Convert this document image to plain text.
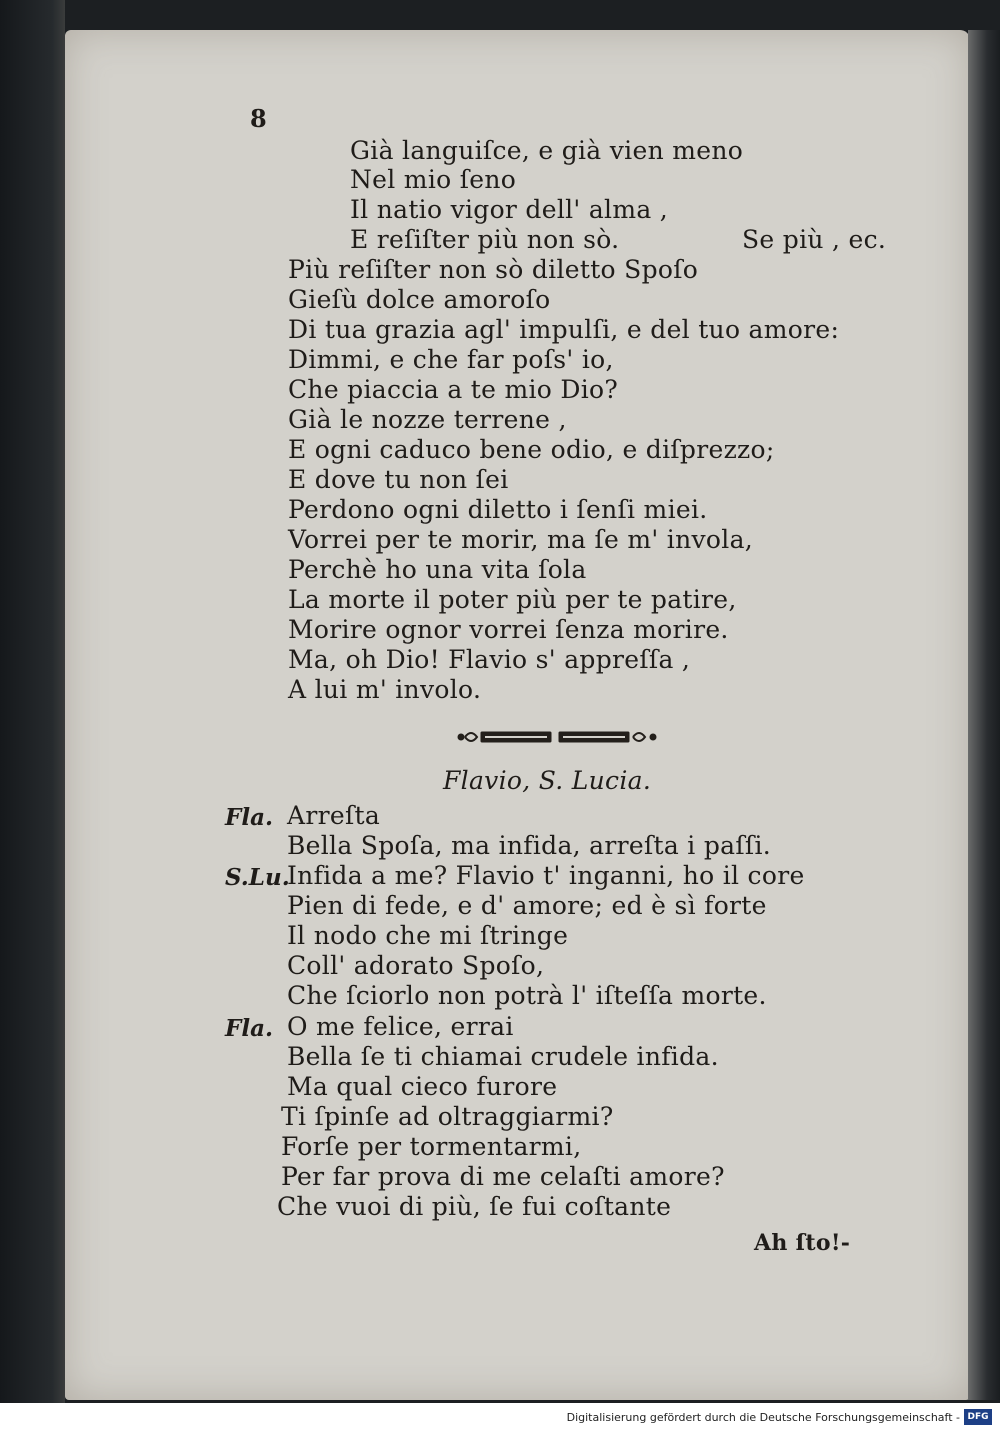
8
Già languiſce, e già vien meno
Nel mio ſeno
Il natio vigor dell' alma ,
E reſiſter più non sò.	Se più , ec.
Più reſiſter non sò diletto Spoſo
Gieſù dolce amoroſo
Di tua grazia agl' impulſi, e del tuo amore:
Dimmi, e che far poſs' io,
Che piaccia a te mio Dio?
Già le nozze terrene ,
E ogni caduco bene odio, e diſprezzo;
E dove tu non ſei
Perdono ogni diletto i ſenſi miei.
Vorrei per te morir, ma ſe m' invola,
Perchè ho una vita ſola
La morte il poter più per te patire,
Morire ognor vorrei ſenza morire.
Ma, oh Dio! Flavio s' appreſſa ,
A lui m' involo.
Flavio, S. Lucia.
Fla. Arreſta
Bella Spoſa, ma infida, arreſta i paſſi.
S.Lu.
Infida a me? Flavio t' inganni, ho il core
Pien di fede, e d' amore; ed è sì forte
Il nodo che mi ſtringe
Coll' adorato Spoſo,
Che ſciorlo non potrà l' iſteſſa morte.
Fla. O me felice, errai
Bella ſe ti chiamai crudele infida.
Ma qual cieco furore
Ti ſpinſe ad oltraggiarmi?
Forſe per tormentarmi,
Per far prova di me celaſti amore?
Che vuoi di più, ſe fui coſtante
Ah ſto!-
Digitalisierung gefördert durch die Deutsche Forschungsgemeinschaft - DFG
